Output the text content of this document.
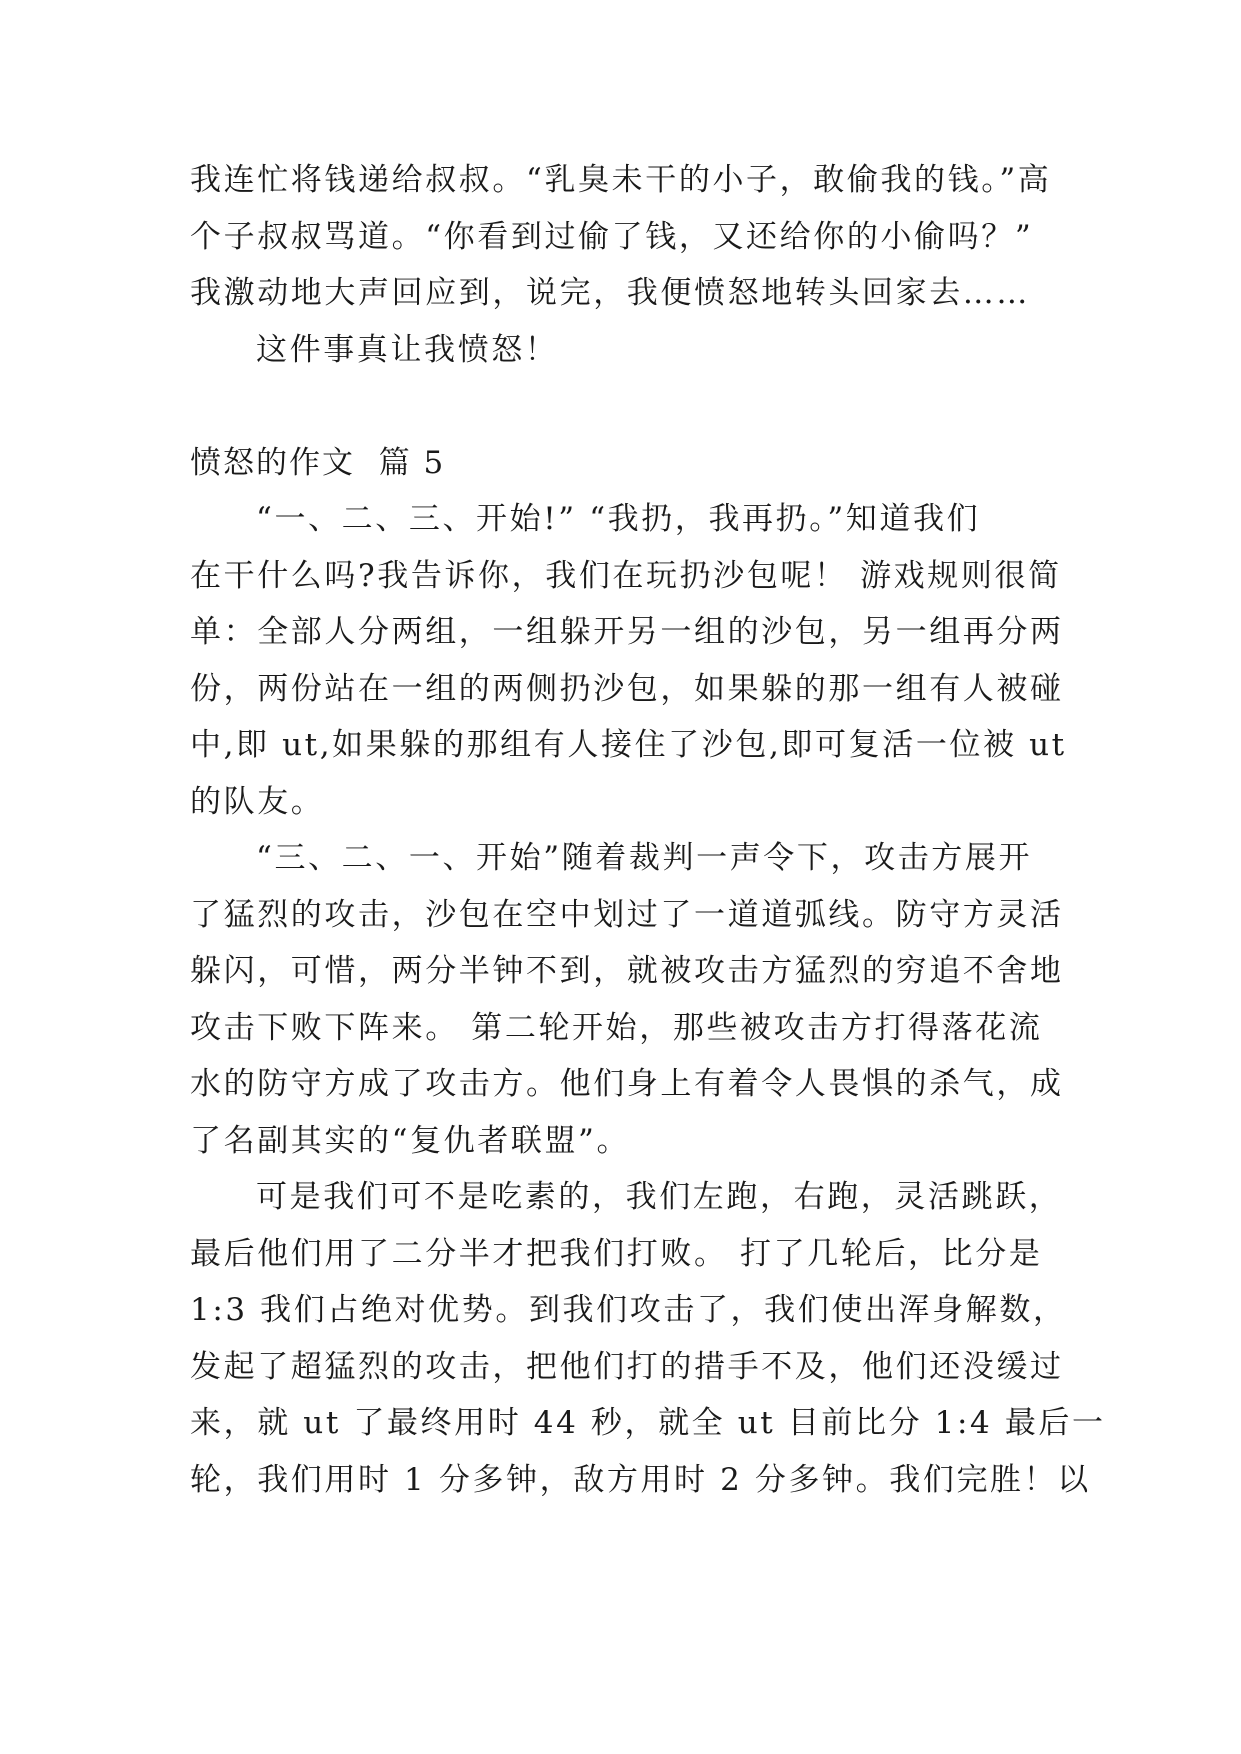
我连忙将钱递给叔叔。“乳臭未干的小子，敢偷我的钱。”高
个子叔叔骂道。“你看到过偷了钱，又还给你的小偷吗？”
我激动地大声回应到，说完，我便愤怒地转头回家去……

这件事真让我愤怒！

愤怒的作文  篇 5

“一、二、三、开始!” “我扔，我再扔。”知道我们
在干什么吗?我告诉你，我们在玩扔沙包呢！ 游戏规则很简
单：全部人分两组，一组躲开另一组的沙包，另一组再分两
份，两份站在一组的两侧扔沙包，如果躲的那一组有人被碰
中,即 ut,如果躲的那组有人接住了沙包,即可复活一位被 ut
的队友。

“三、二、一、开始”随着裁判一声令下，攻击方展开
了猛烈的攻击，沙包在空中划过了一道道弧线。防守方灵活
躲闪，可惜，两分半钟不到，就被攻击方猛烈的穷追不舍地
攻击下败下阵来。 第二轮开始，那些被攻击方打得落花流
水的防守方成了攻击方。他们身上有着令人畏惧的杀气，成
了名副其实的“复仇者联盟”。

可是我们可不是吃素的，我们左跑，右跑，灵活跳跃，
最后他们用了二分半才把我们打败。 打了几轮后，比分是
1:3 我们占绝对优势。到我们攻击了，我们使出浑身解数，
发起了超猛烈的攻击，把他们打的措手不及，他们还没缓过
来，就 ut 了最终用时 44 秒，就全 ut 目前比分 1:4 最后一
轮，我们用时 1 分多钟，敌方用时 2 分多钟。我们完胜！以
